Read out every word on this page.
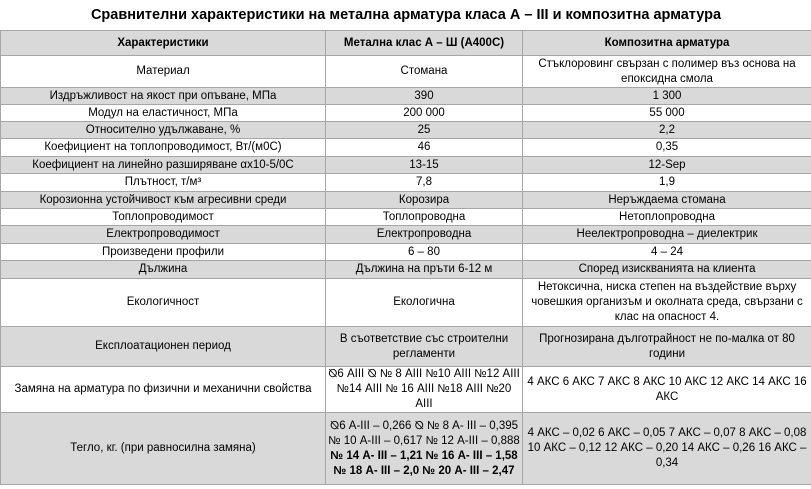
Сравнителни характеристики на метална арматура класа А – III и композитна арматура		
Характеристики	Метална клас А – Ш (А400С)	Композитна арматура
Материал	Стомана	Стъклоровинг свързан с полимер въз основа на епоксидна смола
Издръжливост на якост при опъване, МПа	390	1 300
Модул на еластичност, МПа	200 000	55 000
Относително удължаване, %	25	2,2
Коефициент на топлопроводимост, Вт/(м0С)	46	0,35
Коефициент на линейно разширяване αх10-5/0С	13-15	12-Sep
Плътност, т/м³	7,8	1,9
Корозионна устойчивост към агресивни среди	Корозира	Неръждаема стомана
Топлопроводимост	Топлопроводна	Нетоплопроводна
Електропроводимост	Електропроводна	Неелектропроводна – диелектрик
Произведени профили	6 – 80	4 – 24
Дължина	Дължина на пръти 6-12 м	Според изискванията на клиента
Екологичност	Екологична	Нетоксична, ниска степен на въздействие върху човешкия организъм и околната среда, свързани с клас на опасност 4.
Експлоатационен период	В съответствие със строителни регламенти	Прогнозирана дълготрайност не по-малка от 80 години
Замяна на арматура по физични и механични свойства	⦰6 АIII ⦰ № 8 АIII №10 АIII №12 АIII №14 АIII № 16 АIII №18 АIII №20 АIII	4 АКС 6 АКС 7 АКС 8 АКС 10 АКС 12 АКС 14 АКС 16 АКС
Тегло, кг. (при равносилна замяна)	⦰6 А-III – 0,266 ⦰ № 8 А- III – 0,395
№ 10 А-III – 0,617 № 12 А-III – 0,888
№ 14 А- III – 1,21 № 16 А- III – 1,58
№ 18 А- III – 2,0 № 20 А- III – 2,47	4 АКС – 0,02 6 АКС – 0,05 7 АКС – 0,07 8 АКС – 0,08 10 АКС – 0,12 12 АКС – 0,20 14 АКС – 0,26 16 АКС – 0,34
